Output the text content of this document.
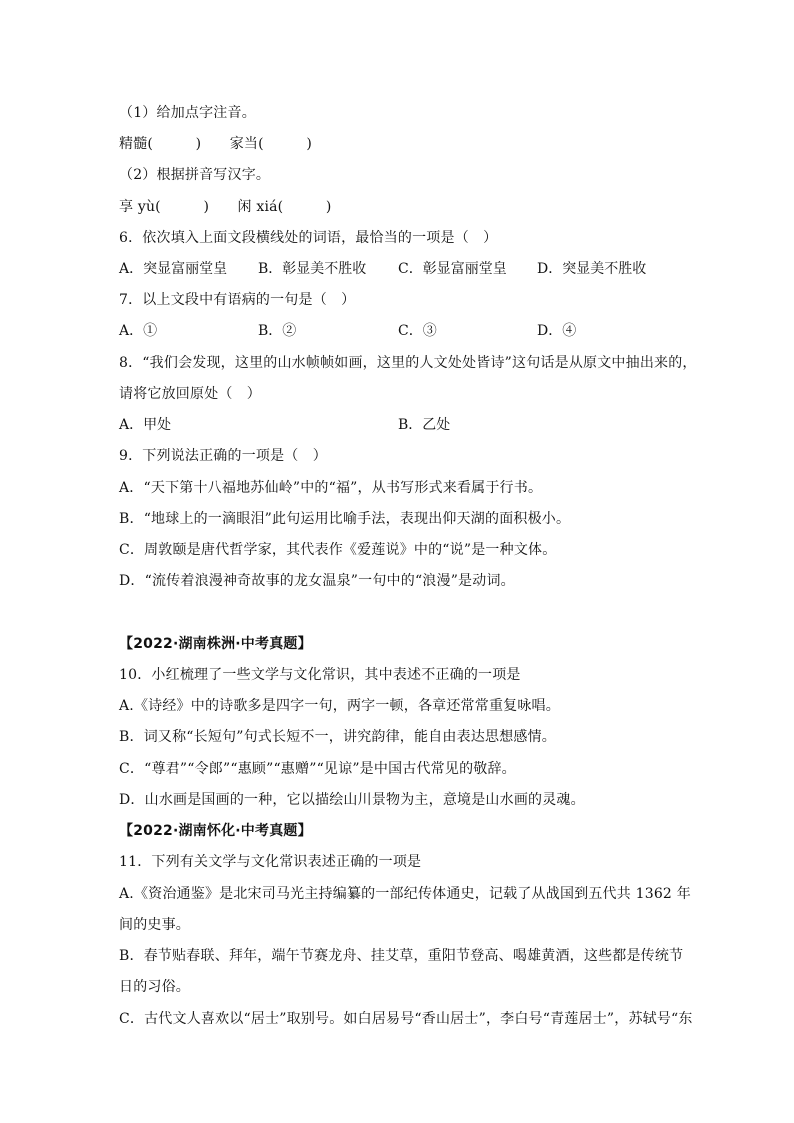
（1）给加点字注音。
精髓(　　　)　　家当(　　　)
（2）根据拼音写汉字。
享 yù(　　　)　　闲 xiá(　　　)
6．依次填入上面文段横线处的词语，最恰当的一项是（　）
A．突显富丽堂皇 B．彰显美不胜收 C．彰显富丽堂皇 D．突显美不胜收
7．以上文段中有语病的一句是（　）
A．①	B．②	C．③	D．④
8．“我们会发现，这里的山水帧帧如画，这里的人文处处皆诗”这句话是从原文中抽出来的，
请将它放回原处（　）
A．甲处	B．乙处
9．下列说法正确的一项是（　）
A．“天下第十八福地苏仙岭”中的“福”，从书写形式来看属于行书。
B．“地球上的一滴眼泪”此句运用比喻手法，表现出仰天湖的面积极小。
C．周敦颐是唐代哲学家，其代表作《爱莲说》中的“说”是一种文体。
D．“流传着浪漫神奇故事的龙女温泉”一句中的“浪漫”是动词。
【2022·湖南株洲·中考真题】
10．小红梳理了一些文学与文化常识，其中表述不正确的一项是
A.《诗经》中的诗歌多是四字一句，两字一顿，各章还常常重复咏唱。
B．词又称“长短句”句式长短不一，讲究韵律，能自由表达思想感情。
C．“尊君”“令郎”“惠顾”“惠赠”“见谅”是中国古代常见的敬辞。
D．山水画是国画的一种，它以描绘山川景物为主，意境是山水画的灵魂。
【2022·湖南怀化·中考真题】
11．下列有关文学与文化常识表述正确的一项是
A.《资治通鉴》是北宋司马光主持编纂的一部纪传体通史，记载了从战国到五代共 1362 年
间的史事。
B．春节贴春联、拜年，端午节赛龙舟、挂艾草，重阳节登高、喝雄黄酒，这些都是传统节
日的习俗。
C．古代文人喜欢以“居士”取别号。如白居易号“香山居士”，李白号“青莲居士”，苏轼号“东
